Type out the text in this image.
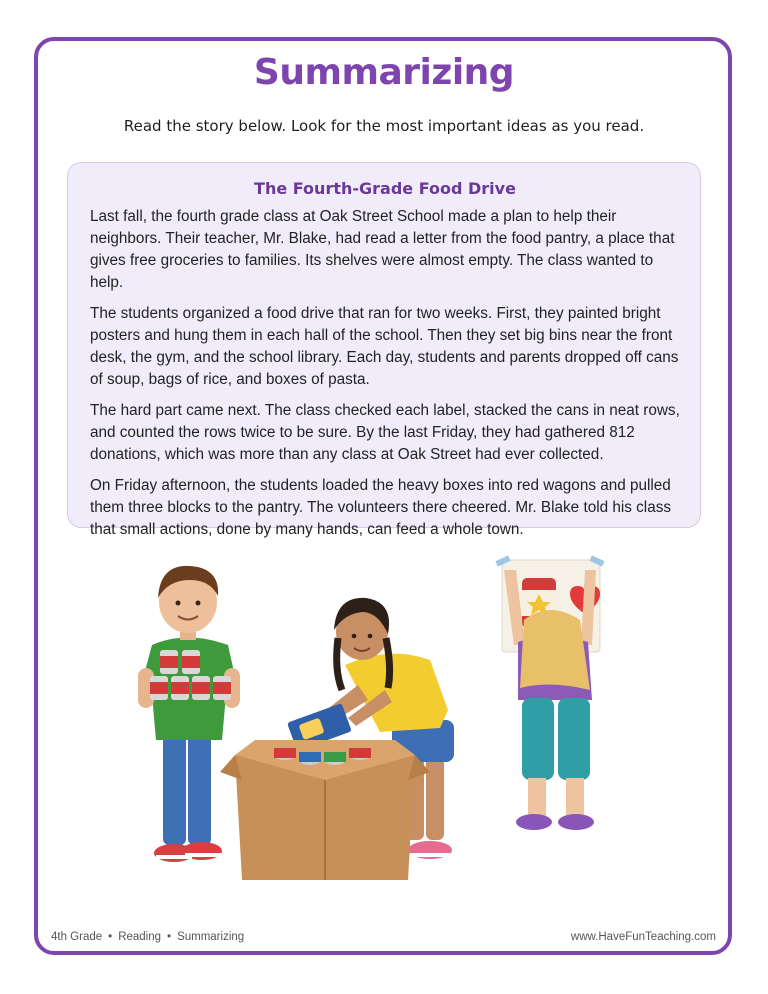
Summarizing
Read the story below. Look for the most important ideas as you read.
The Fourth-Grade Food Drive

Last fall, the fourth grade class at Oak Street School made a plan to help their neighbors. Their teacher, Mr. Blake, had read a letter from the food pantry, a place that gives free groceries to families. Its shelves were almost empty. The class wanted to help.

The students organized a food drive that ran for two weeks. First, they painted bright posters and hung them in each hall of the school. Then they set big bins near the front desk, the gym, and the school library. Each day, students and parents dropped off cans of soup, bags of rice, and boxes of pasta.

The hard part came next. The class checked each label, stacked the cans in neat rows, and counted the rows twice to be sure. By the last Friday, they had gathered 812 donations, which was more than any class at Oak Street had ever collected.

On Friday afternoon, the students loaded the heavy boxes into red wagons and pulled them three blocks to the pantry. The volunteers there cheered. Mr. Blake told his class that small actions, done by many hands, can feed a whole town.

4th Grade • Reading • Summarizing	www.HaveFunTeaching.com
